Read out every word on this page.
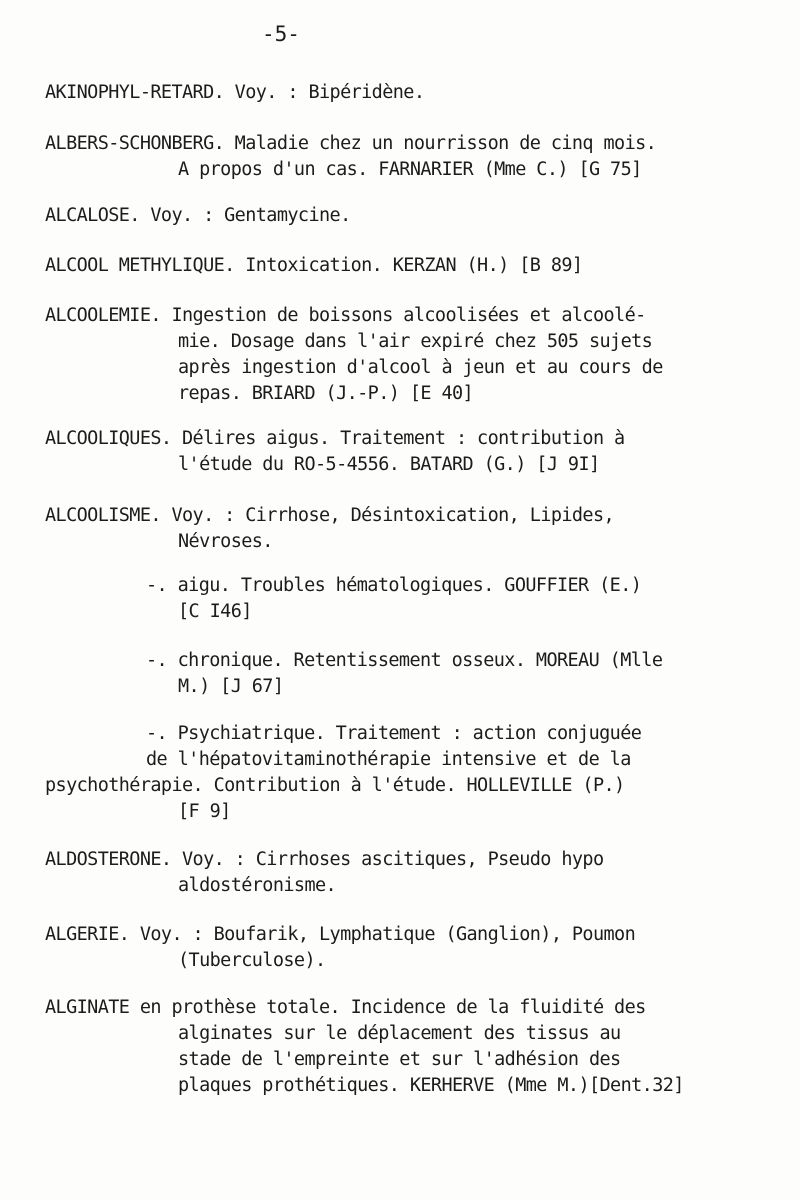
-5-
AKINOPHYL-RETARD. Voy. : Bipéridène.
ALBERS-SCHONBERG. Maladie chez un nourrisson de cinq mois.
A propos d'un cas. FARNARIER (Mme C.) [G 75]
ALCALOSE. Voy. : Gentamycine.
ALCOOL METHYLIQUE. Intoxication. KERZAN (H.) [B 89]
ALCOOLEMIE. Ingestion de boissons alcoolisées et alcoolé-
mie. Dosage dans l'air expiré chez 505 sujets
après ingestion d'alcool à jeun et au cours de
repas. BRIARD (J.-P.) [E 40]
ALCOOLIQUES. Délires aigus. Traitement : contribution à
l'étude du RO-5-4556. BATARD (G.) [J 9I]
ALCOOLISME. Voy. : Cirrhose, Désintoxication, Lipides,
Névroses.
-. aigu. Troubles hématologiques. GOUFFIER (E.)
[C I46]
-. chronique. Retentissement osseux. MOREAU (Mlle
M.) [J 67]
-. Psychiatrique. Traitement : action conjuguée
de l'hépatovitaminothérapie intensive et de la
psychothérapie. Contribution à l'étude. HOLLEVILLE (P.)
[F 9]
ALDOSTERONE. Voy. : Cirrhoses ascitiques, Pseudo hypo
aldostéronisme.
ALGERIE. Voy. : Boufarik, Lymphatique (Ganglion), Poumon
(Tuberculose).
ALGINATE en prothèse totale. Incidence de la fluidité des
alginates sur le déplacement des tissus au
stade de l'empreinte et sur l'adhésion des
plaques prothétiques. KERHERVE (Mme M.)[Dent.32]
